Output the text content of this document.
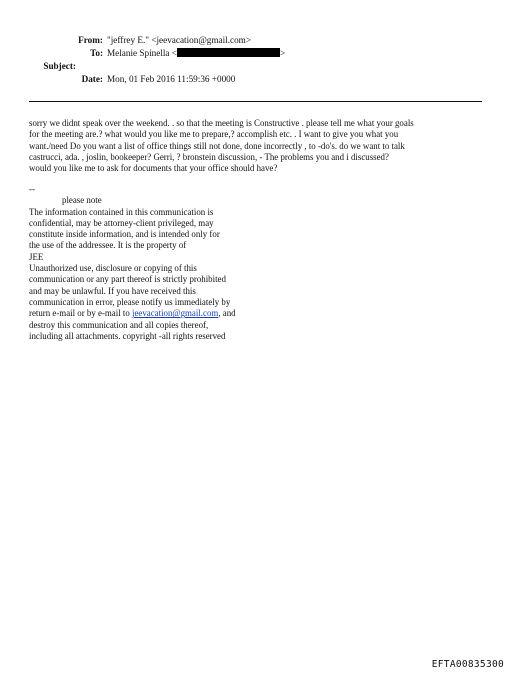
From: "jeffrey E." <jeevacation@gmail.com>
To: Melanie Spinella <	>
Subject:
Date: Mon, 01 Feb 2016 11:59:36 +0000

sorry we didnt speak over the weekend. . so that the meeting is Constructive . please tell me what your goals

for the meeting are.? what would you like me to prepare,? accomplish etc. . I want to give you what you

want./need Do you want a list of office things still not done, done incorrectly , to -do's. do we want to talk

castrucci, ada. , joslin, bookeeper? Gerri, ? bronstein discussion, - The problems you and i discussed?

would you like me to ask for documents that your office should have?

--

please note

The information contained in this communication is

confidential, may be attorney-client privileged, may

constitute inside information, and is intended only for

the use of the addressee. It is the property of

JEE

Unauthorized use, disclosure or copying of this

communication or any part thereof is strictly prohibited

and may be unlawful. If you have received this

communication in error, please notify us immediately by

return e-mail or by e-mail to jeevacation@gmail.com, and

destroy this communication and all copies thereof,

including all attachments. copyright -all rights reserved

EFTA00835300
